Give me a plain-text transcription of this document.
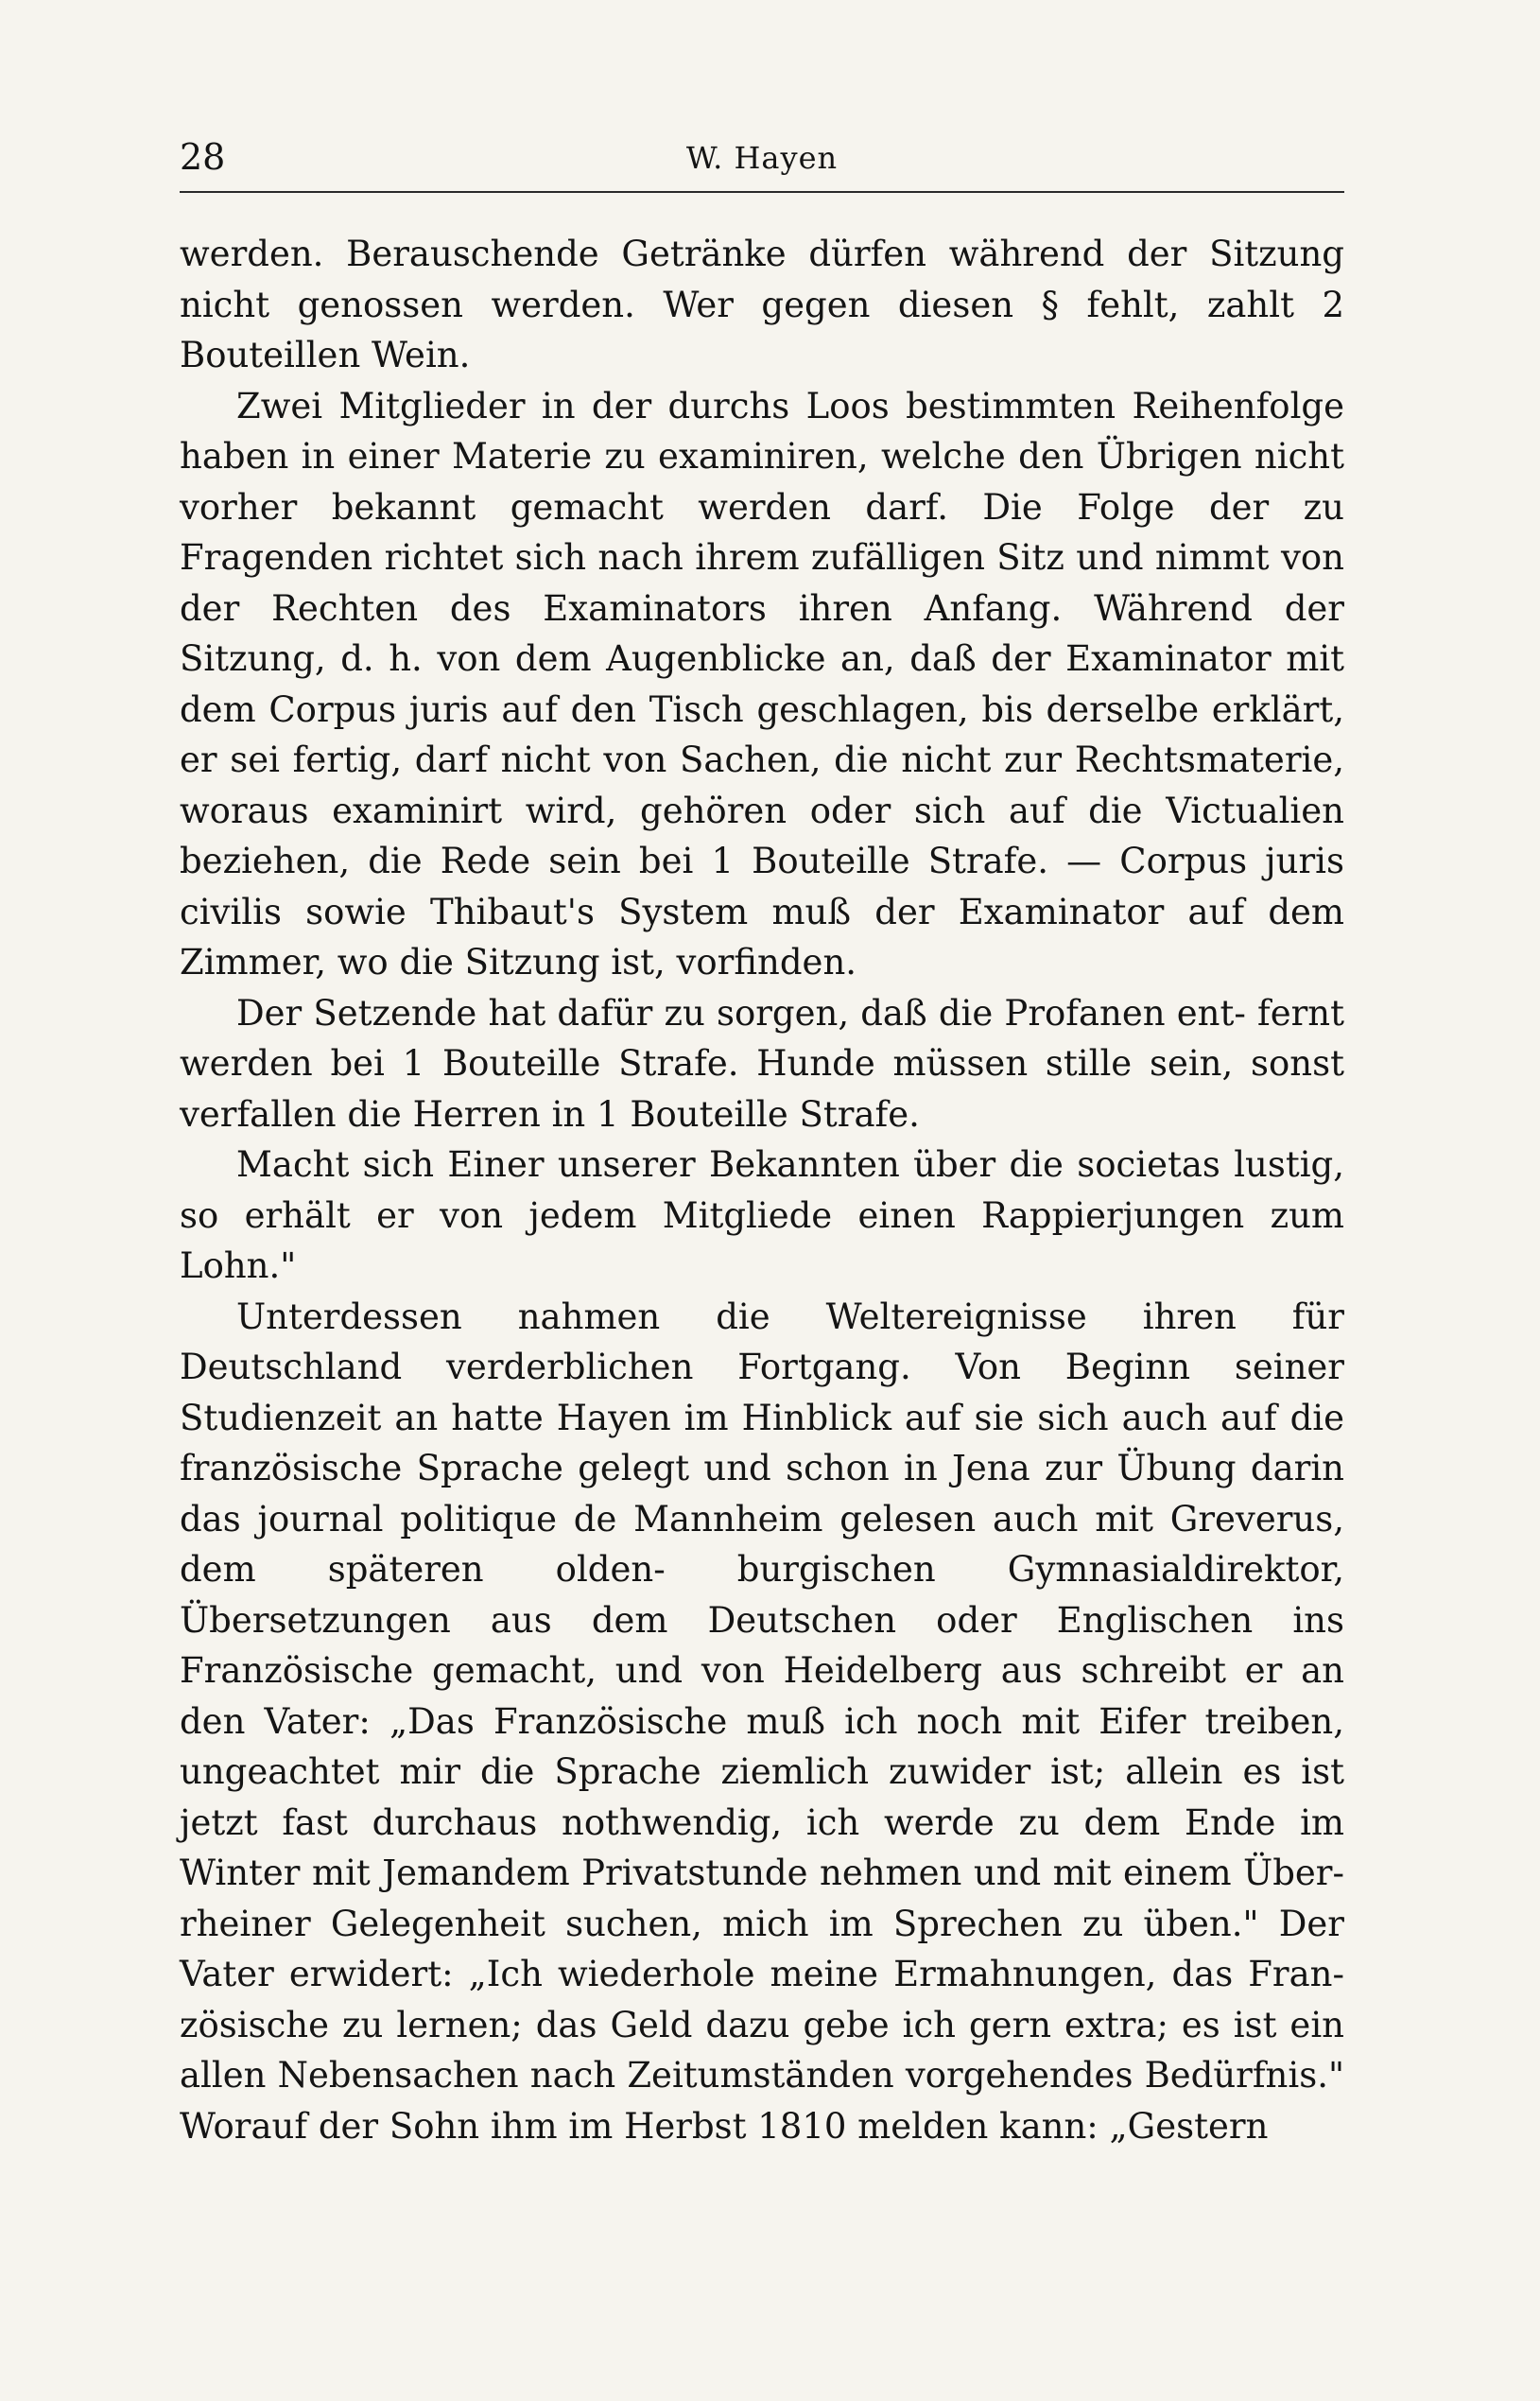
28	W. Hayen

werden. Berauschende Getränke dürfen während der Sitzung nicht genossen werden. Wer gegen diesen § fehlt, zahlt 2 Bouteillen Wein.

Zwei Mitglieder in der durchs Loos bestimmten Reihenfolge haben in einer Materie zu examiniren, welche den Übrigen nicht vorher bekannt gemacht werden darf. Die Folge der zu Fragenden richtet sich nach ihrem zufälligen Sitz und nimmt von der Rechten des Examinators ihren Anfang. Während der Sitzung, d. h. von dem Augenblicke an, daß der Examinator mit dem Corpus juris auf den Tisch geschlagen, bis derselbe erklärt, er sei fertig, darf nicht von Sachen, die nicht zur Rechtsmaterie, woraus examinirt wird, gehören oder sich auf die Victualien beziehen, die Rede sein bei 1 Bouteille Strafe. — Corpus juris civilis sowie Thibaut's System muß der Examinator auf dem Zimmer, wo die Sitzung ist, vorfinden.

Der Setzende hat dafür zu sorgen, daß die Profanen ent- fernt werden bei 1 Bouteille Strafe. Hunde müssen stille sein, sonst verfallen die Herren in 1 Bouteille Strafe.

Macht sich Einer unserer Bekannten über die societas lustig, so erhält er von jedem Mitgliede einen Rappierjungen zum Lohn."

Unterdessen nahmen die Weltereignisse ihren für Deutschland verderblichen Fortgang. Von Beginn seiner Studienzeit an hatte Hayen im Hinblick auf sie sich auch auf die französische Sprache gelegt und schon in Jena zur Übung darin das journal politique de Mannheim gelesen auch mit Greverus, dem späteren olden- burgischen Gymnasialdirektor, Übersetzungen aus dem Deutschen oder Englischen ins Französische gemacht, und von Heidelberg aus schreibt er an den Vater: „Das Französische muß ich noch mit Eifer treiben, ungeachtet mir die Sprache ziemlich zuwider ist; allein es ist jetzt fast durchaus nothwendig, ich werde zu dem Ende im Winter mit Jemandem Privatstunde nehmen und mit einem Über- rheiner Gelegenheit suchen, mich im Sprechen zu üben." Der Vater erwidert: „Ich wiederhole meine Ermahnungen, das Fran- zösische zu lernen; das Geld dazu gebe ich gern extra; es ist ein allen Nebensachen nach Zeitumständen vorgehendes Bedürfnis." Worauf der Sohn ihm im Herbst 1810 melden kann: „Gestern
